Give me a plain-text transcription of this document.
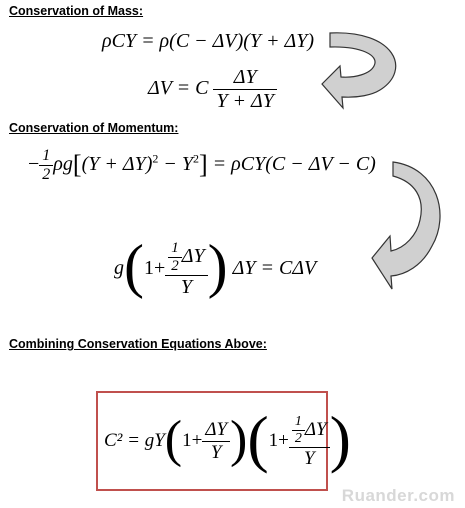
Conservation of Mass:
Conservation of Momentum:
Combining Conservation Equations Above:
ρCY = ρ(C − ΔV)(Y + ΔY)
ΔV = C $\frac{\Delta Y}{Y + \Delta Y}$
− $\frac{1}{2} \rho g[(Y + \Delta Y)^2 - Y^2] = \rho CY(C - \Delta V - C)$
$g(1+ \frac{\frac{1}{2} \Delta Y}{Y}$ ) ΔY = CΔV
$C^2 = gY(1+ \frac{\Delta Y}{Y} )(1+ \frac{\frac{1}{2} \Delta Y}{Y}$ )
Ruander.com
